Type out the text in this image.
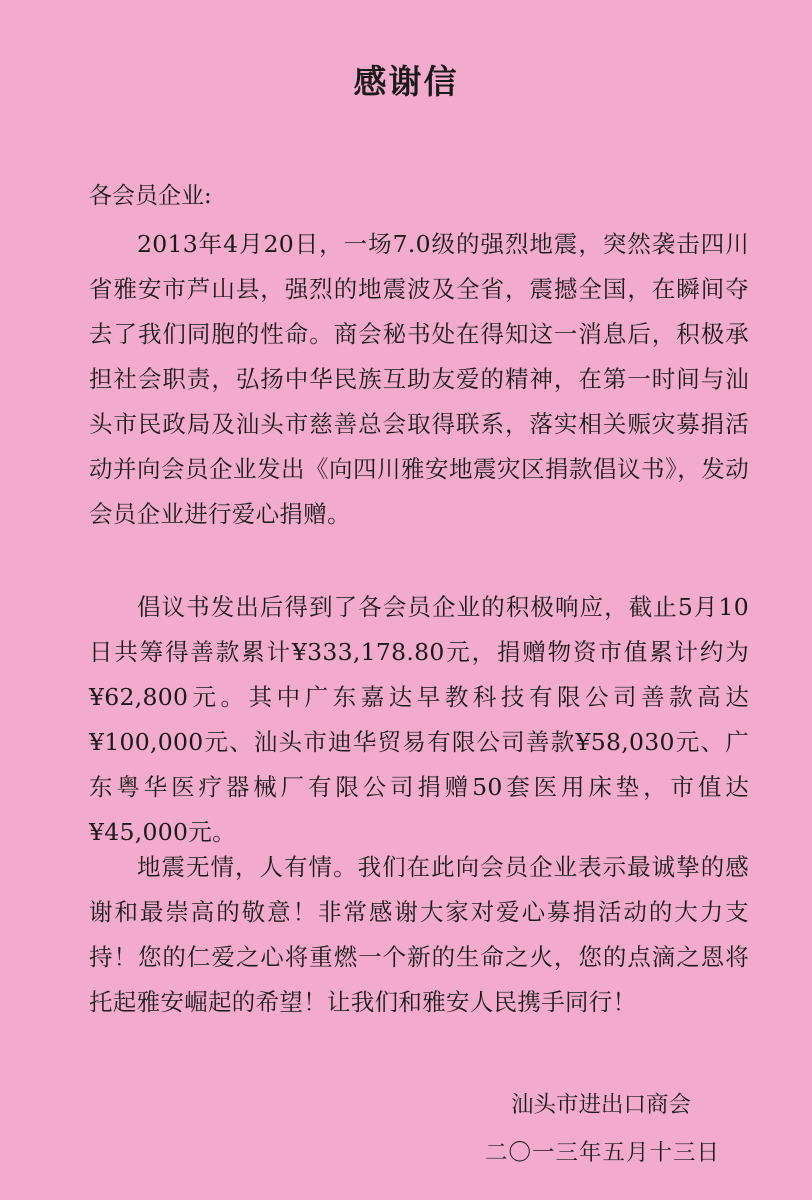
感谢信
各会员企业:

2013年4月20日，一场7.0级的强烈地震，突然袭击四川省雅安市芦山县，强烈的地震波及全省，震撼全国，在瞬间夺去了我们同胞的性命。商会秘书处在得知这一消息后，积极承担社会职责，弘扬中华民族互助友爱的精神，在第一时间与汕头市民政局及汕头市慈善总会取得联系，落实相关赈灾募捐活动并向会员企业发出《向四川雅安地震灾区捐款倡议书》，发动会员企业进行爱心捐赠。

倡议书发出后得到了各会员企业的积极响应，截止5月10日共筹得善款累计¥333,178.80元，捐赠物资市值累计约为¥62,800元。其中广东嘉达早教科技有限公司善款高达¥100,000元、汕头市迪华贸易有限公司善款¥58,030元、广东粤华医疗器械厂有限公司捐赠50套医用床垫，市值达¥45,000元。

地震无情，人有情。我们在此向会员企业表示最诚挚的感谢和最崇高的敬意！非常感谢大家对爱心募捐活动的大力支持！您的仁爱之心将重燃一个新的生命之火，您的点滴之恩将托起雅安崛起的希望！让我们和雅安人民携手同行！

汕头市进出口商会
二〇一三年五月十三日
